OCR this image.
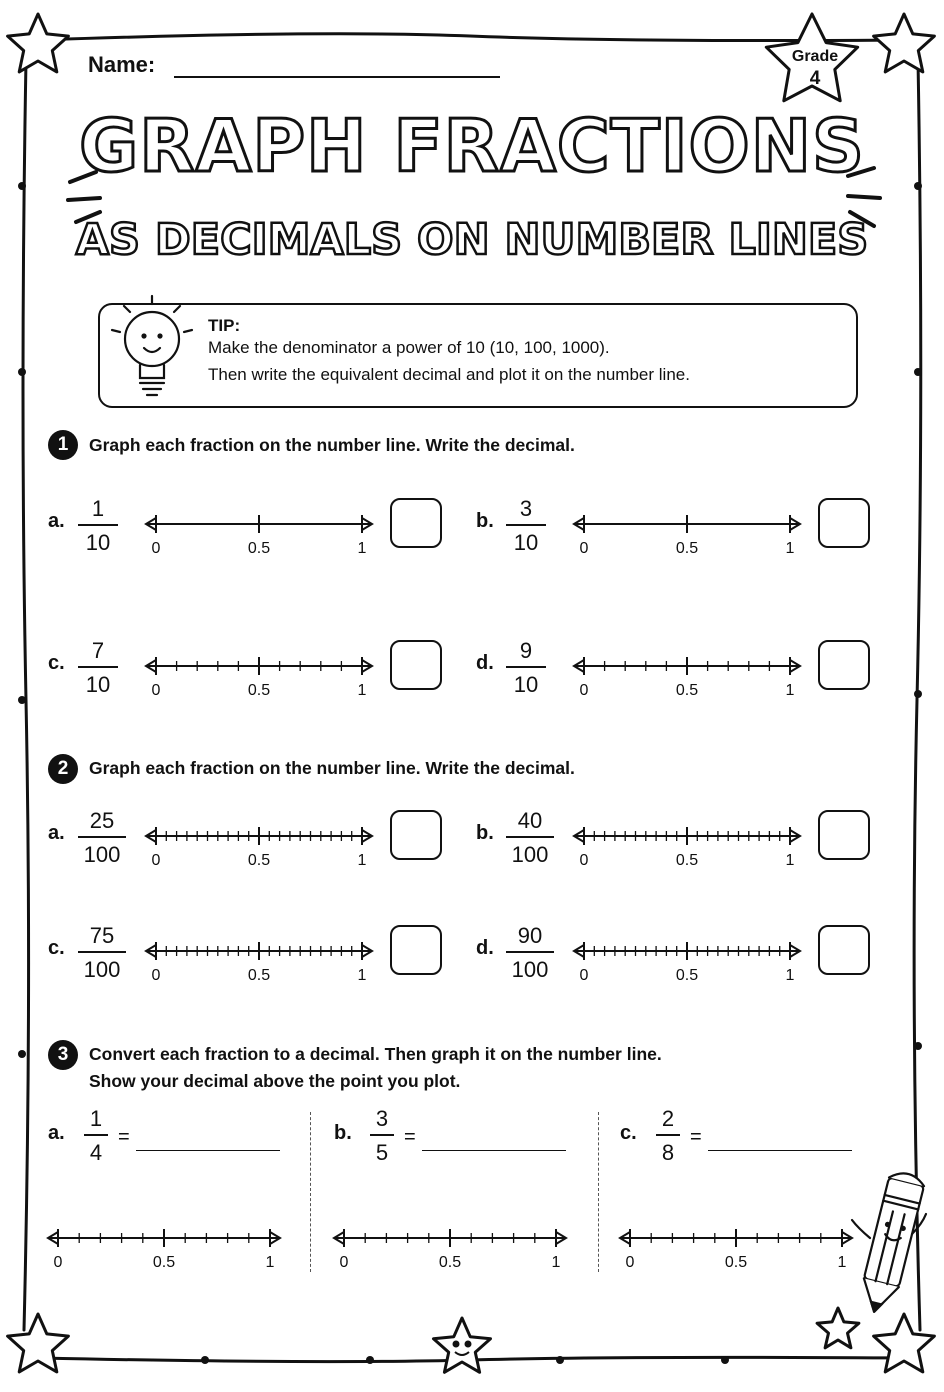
Name:	Grade
4
GRAPH FRACTIONS
AS DECIMALS ON NUMBER LINES
TIP:
Make the denominator a power of 10 (10, 100, 1000).
Then write the equivalent decimal and plot it on the number line.
1	Graph each fraction on the number line. Write the decimal.
2	Graph each fraction on the number line. Write the decimal.
3	Convert each fraction to a decimal. Then graph it on the number line.
Show your decimal above the point you plot.
a. $\frac{1}{10}$	0	0.5	1
b. $\frac{3}{10}$	0	0.5	1
c. $\frac{7}{10}$	0	0.5	1
d. $\frac{9}{10}$	0	0.5	1
a. $\frac{25}{100}$	0	0.5	1
b. $\frac{40}{100}$	0	0.5	1
c. $\frac{75}{100}$	0	0.5	1
d. $\frac{90}{100}$	0	0.5	1
a. $\frac{1}{4}$ =
0	0.5	1
b. $\frac{3}{5}$ =
0	0.5	1
c. $\frac{2}{8}$ =
0	0.5	1
